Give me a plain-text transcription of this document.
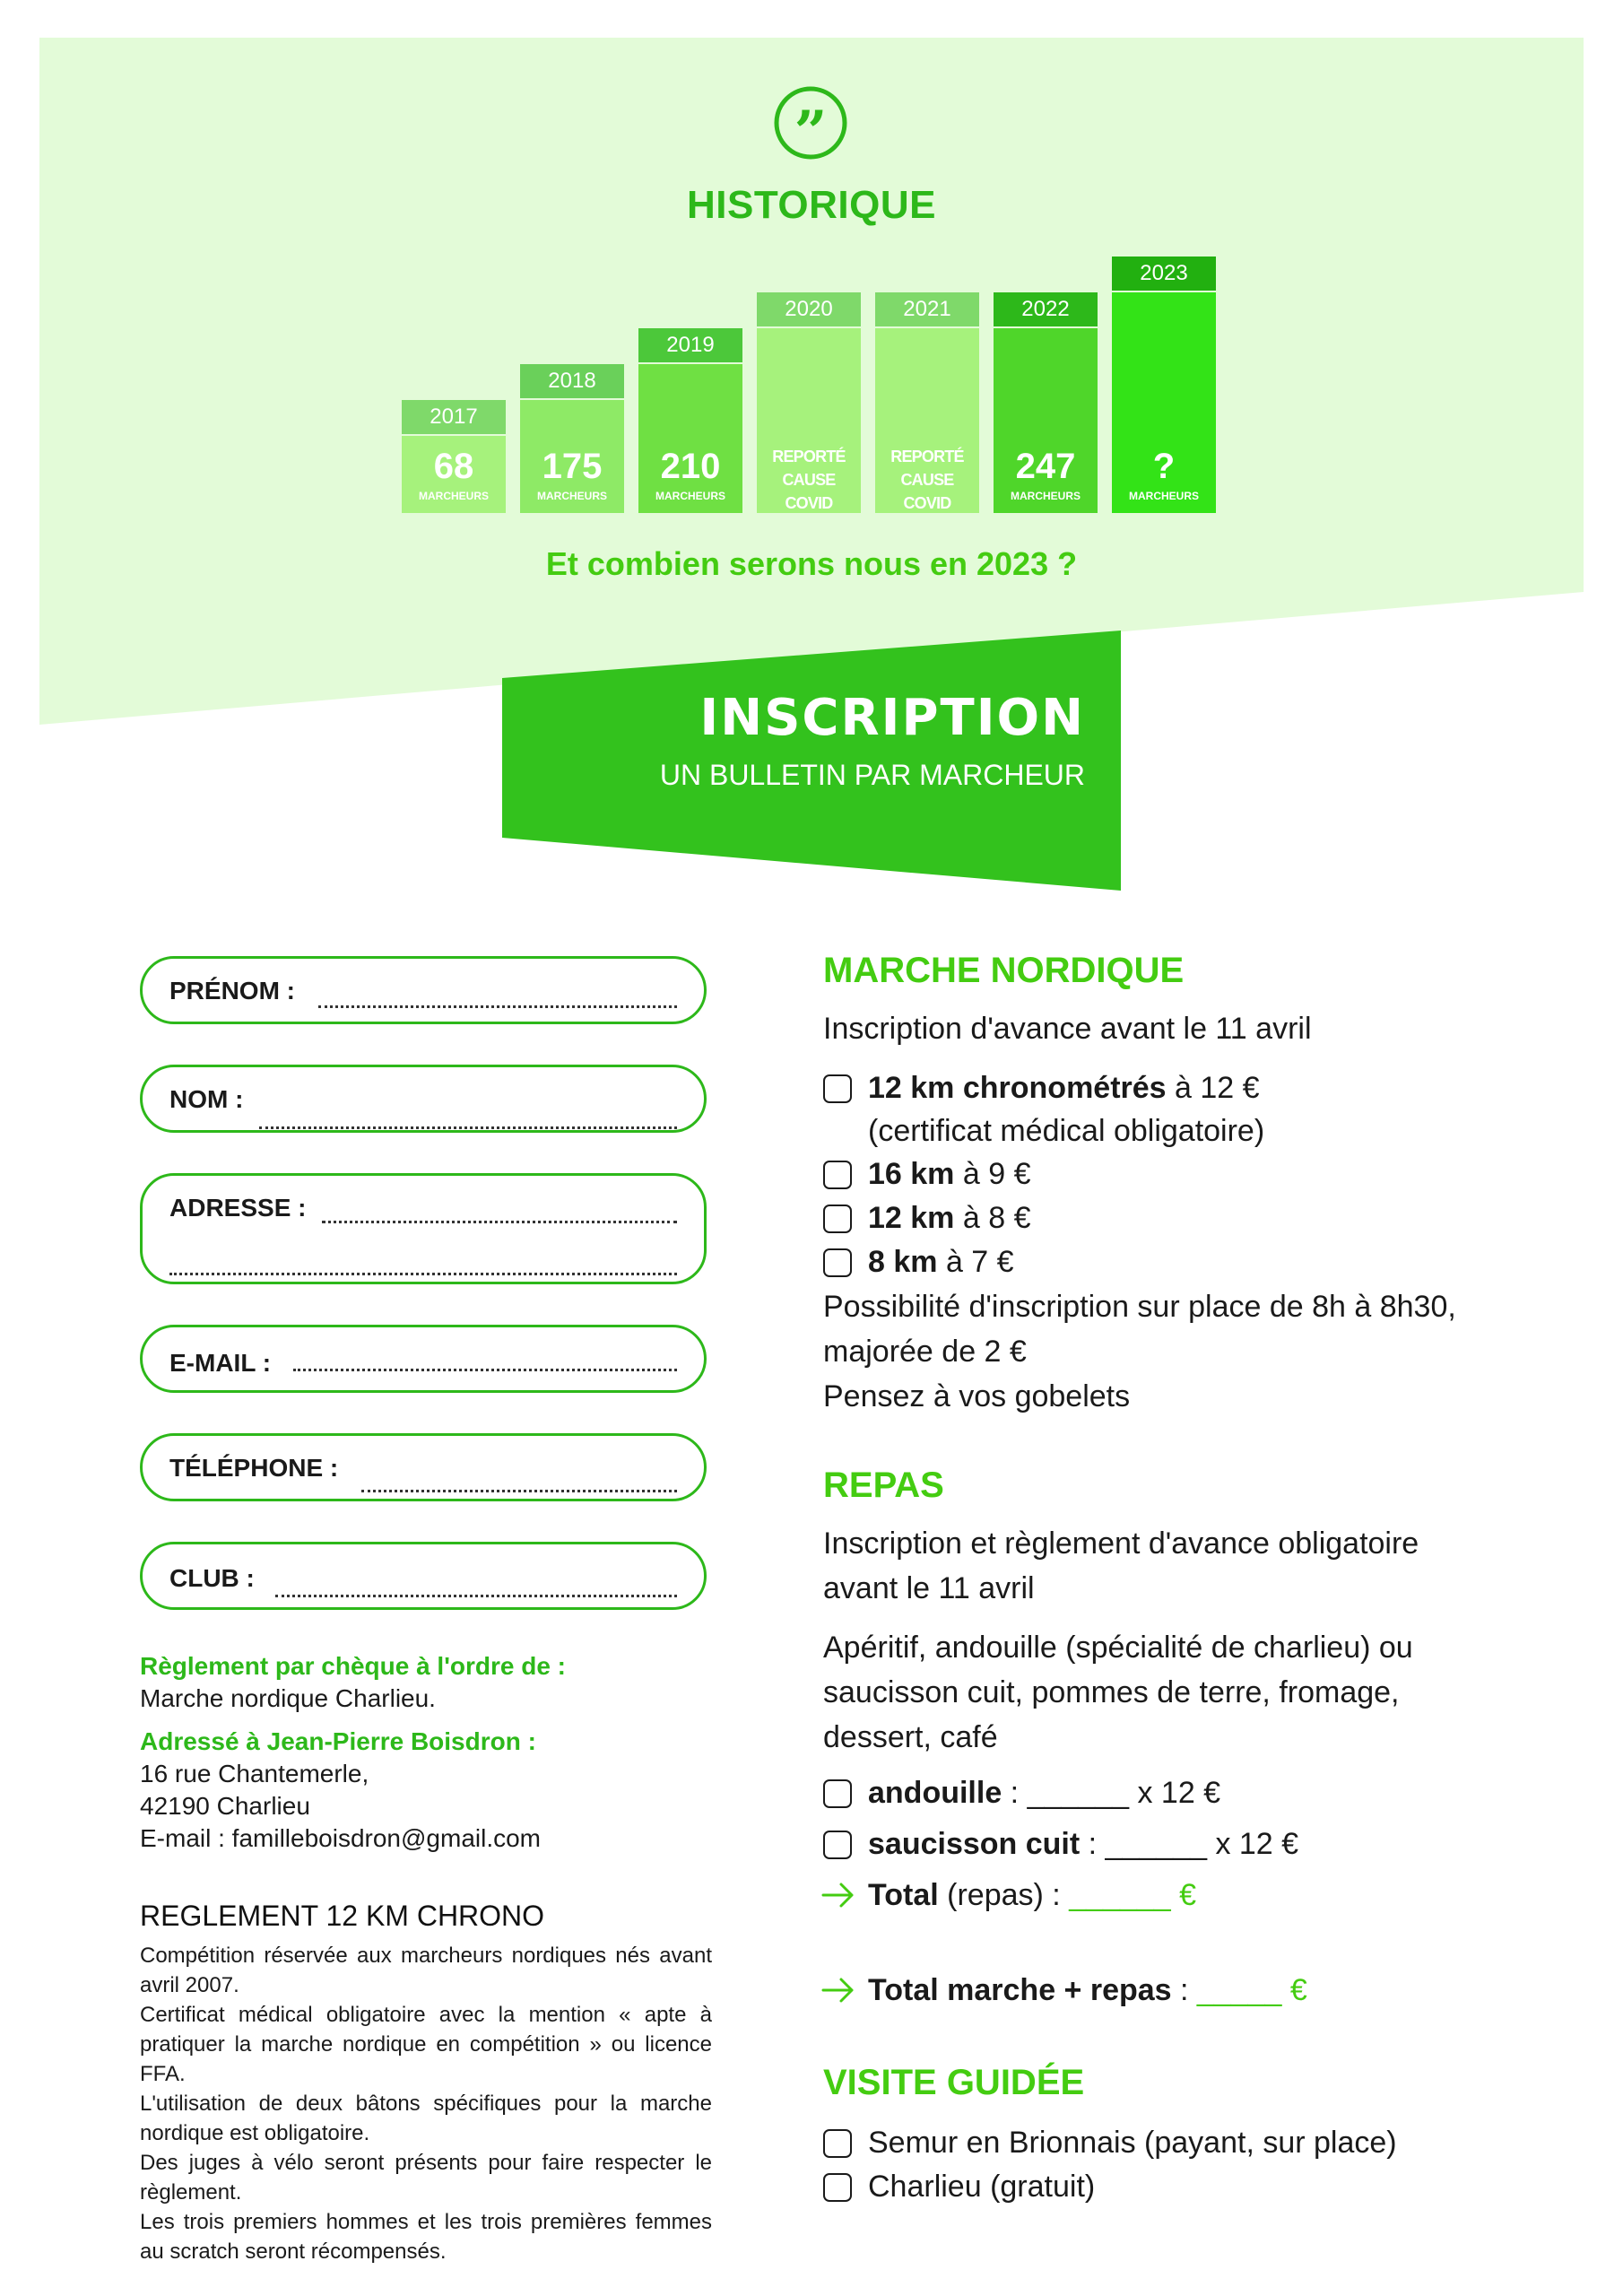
”
HISTORIQUE
2017
68
MARCHEURS
2018
175
MARCHEURS
2019
210
MARCHEURS
2020
REPORTÉ
CAUSE COVID
2021
REPORTÉ
CAUSE COVID
2022
247
MARCHEURS
2023
?
MARCHEURS
Et combien serons nous en 2023 ?
INSCRIPTION
UN BULLETIN PAR MARCHEUR
PRÉNOM :
NOM :
ADRESSE :
E-MAIL :
TÉLÉPHONE :
CLUB :
Règlement par chèque à l'ordre de :
Marche nordique Charlieu.
Adressé à Jean-Pierre Boisdron :
16 rue Chantemerle,
42190 Charlieu
E-mail : familleboisdron@gmail.com
REGLEMENT 12 KM CHRONO

Compétition réservée aux marcheurs nordiques nés avant avril 2007.

Certificat médical obligatoire avec la mention « apte à pratiquer la marche nordique en compétition » ou licence FFA.

L'utilisation de deux bâtons spécifiques pour la marche nordique est obligatoire.

Des juges à vélo seront présents pour faire respecter le règlement.

Les trois premiers hommes et les trois premières femmes au scratch seront récompensés.

MARCHE NORDIQUE
Inscription d'avance avant le 11 avril
12 km chronométrés à 12 €
(certificat médical obligatoire)
16 km à 9 €
12 km à 8 €
8 km à 7 €
Possibilité d'inscription sur place de 8h à 8h30,
majorée de 2 €
Pensez à vos gobelets
REPAS
Inscription et règlement d'avance obligatoire
avant le 11 avril
Apéritif, andouille (spécialité de charlieu) ou
saucisson cuit, pommes de terre, fromage,
dessert, café
andouille : ______ x 12 €
saucisson cuit : ______ x 12 €
Total (repas) : ______ €
Total marche + repas : _____ €
VISITE GUIDÉE
Semur en Brionnais (payant, sur place)
Charlieu (gratuit)
